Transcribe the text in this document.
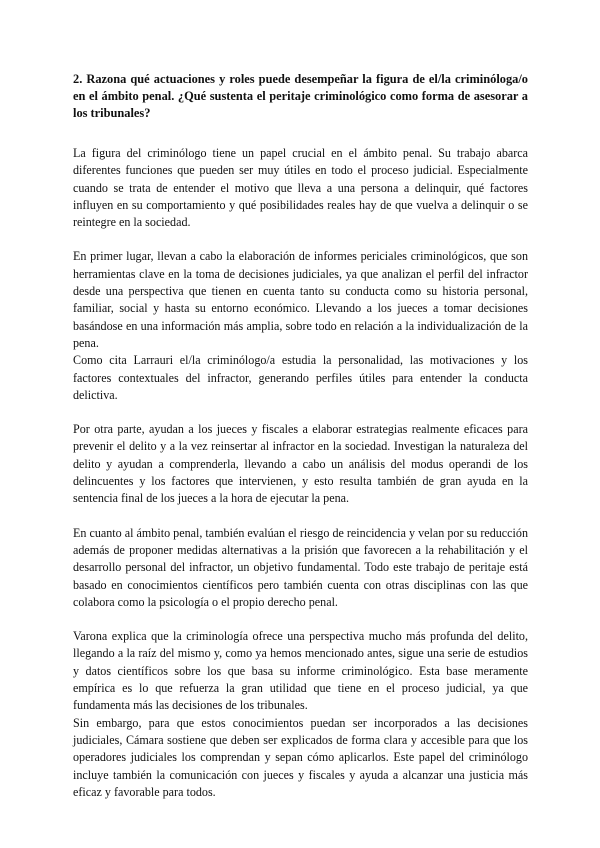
2. Razona qué actuaciones y roles puede desempeñar la figura de el/la criminóloga/o en el ámbito penal. ¿Qué sustenta el peritaje criminológico como forma de asesorar a los tribunales?

La figura del criminólogo tiene un papel crucial en el ámbito penal. Su trabajo abarca diferentes funciones que pueden ser muy útiles en todo el proceso judicial. Especialmente cuando se trata de entender el motivo que lleva a una persona a delinquir, qué factores influyen en su comportamiento y qué posibilidades reales hay de que vuelva a delinquir o se reintegre en la sociedad.

En primer lugar, llevan a cabo la elaboración de informes periciales criminológicos, que son herramientas clave en la toma de decisiones judiciales, ya que analizan el perfil del infractor desde una perspectiva que tienen en cuenta tanto su conducta como su historia personal, familiar, social y hasta su entorno económico. Llevando a los jueces a tomar decisiones basándose en una información más amplia, sobre todo en relación a la individualización de la pena.

Como cita Larrauri el/la criminólogo/a estudia la personalidad, las motivaciones y los factores contextuales del infractor, generando perfiles útiles para entender la conducta delictiva.

Por otra parte, ayudan a los jueces y fiscales a elaborar estrategias realmente eficaces para prevenir el delito y a la vez reinsertar al infractor en la sociedad. Investigan la naturaleza del delito y ayudan a comprenderla, llevando a cabo un análisis del modus operandi de los delincuentes y los factores que intervienen, y esto resulta también de gran ayuda en la sentencia final de los jueces a la hora de ejecutar la pena.

En cuanto al ámbito penal, también evalúan el riesgo de reincidencia y velan por su reducción además de proponer medidas alternativas a la prisión que favorecen a la rehabilitación y el desarrollo personal del infractor, un objetivo fundamental. Todo este trabajo de peritaje está basado en conocimientos científicos pero también cuenta con otras disciplinas con las que colabora como la psicología o el propio derecho penal.

Varona explica que la criminología ofrece una perspectiva mucho más profunda del delito, llegando a la raíz del mismo y, como ya hemos mencionado antes, sigue una serie de estudios y datos científicos sobre los que basa su informe criminológico. Esta base meramente empírica es lo que refuerza la gran utilidad que tiene en el proceso judicial, ya que fundamenta más las decisiones de los tribunales.

Sin embargo, para que estos conocimientos puedan ser incorporados a las decisiones judiciales, Cámara sostiene que deben ser explicados de forma clara y accesible para que los operadores judiciales los comprendan y sepan cómo aplicarlos. Este papel del criminólogo incluye también la comunicación con jueces y fiscales y ayuda a alcanzar una justicia más eficaz y favorable para todos.
